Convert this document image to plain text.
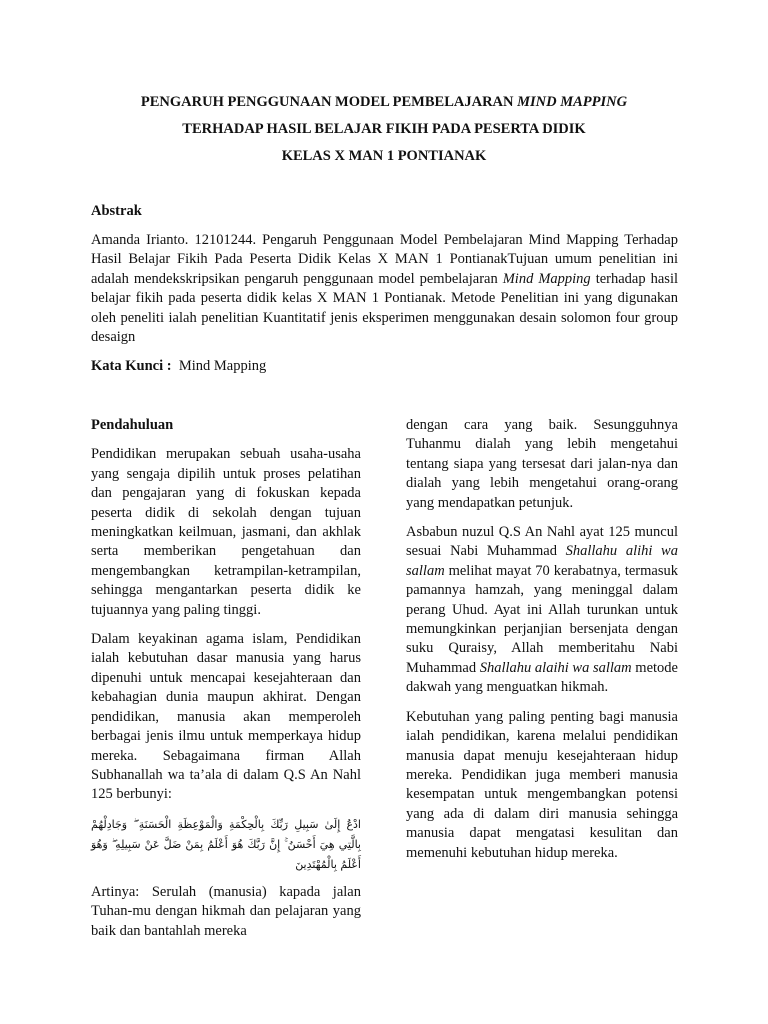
PENGARUH PENGGUNAAN MODEL PEMBELAJARAN MIND MAPPING
TERHADAP HASIL BELAJAR FIKIH PADA PESERTA DIDIK
KELAS X MAN 1 PONTIANAK
Abstrak
Amanda Irianto. 12101244. Pengaruh Penggunaan Model Pembelajaran Mind Mapping Terhadap Hasil Belajar Fikih Pada Peserta Didik Kelas X MAN 1 PontianakTujuan umum penelitian ini adalah mendekskripsikan pengaruh penggunaan model pembelajaran Mind Mapping terhadap hasil belajar fikih pada peserta didik kelas X MAN 1 Pontianak. Metode Penelitian ini yang digunakan oleh peneliti ialah penelitian Kuantitatif jenis eksperimen menggunakan desain solomon four group desaign
Kata Kunci : Mind Mapping
Pendahuluan

Pendidikan merupakan sebuah usaha-usaha yang sengaja dipilih untuk proses pelatihan dan pengajaran yang di fokuskan kepada peserta didik di sekolah dengan tujuan meningkatkan keilmuan, jasmani, dan akhlak serta memberikan pengetahuan dan mengembangkan ketrampilan-ketrampilan, sehingga mengantarkan peserta didik ke tujuannya yang paling tinggi.

Dalam keyakinan agama islam, Pendidikan ialah kebutuhan dasar manusia yang harus dipenuhi untuk mencapai kesejahteraan dan kebahagian dunia maupun akhirat. Dengan pendidikan, manusia akan memperoleh berbagai jenis ilmu untuk memperkaya hidup mereka. Sebagaimana firman Allah Subhanallah wa ta’ala di dalam Q.S An Nahl 125 berbunyi:

ادْعُ إِلَىٰ سَبِيلِ رَبِّكَ بِالْحِكْمَةِ وَالْمَوْعِظَةِ الْحَسَنَةِ ۖ وَجَادِلْهُمْ بِالَّتِي هِيَ أَحْسَنُ ۚ إِنَّ رَبَّكَ هُوَ أَعْلَمُ بِمَنْ ضَلَّ عَنْ سَبِيلِهِ ۖ وَهُوَ أَعْلَمُ بِالْمُهْتَدِينَ

Artinya: Serulah (manusia) kapada jalan Tuhan-mu dengan hikmah dan pelajaran yang baik dan bantahlah mereka

dengan cara yang baik. Sesungguhnya Tuhanmu dialah yang lebih mengetahui tentang siapa yang tersesat dari jalan-nya dan dialah yang lebih mengetahui orang-orang yang mendapatkan petunjuk.

Asbabun nuzul Q.S An Nahl ayat 125 muncul sesuai Nabi Muhammad Shallahu alihi wa sallam melihat mayat 70 kerabatnya, termasuk pamannya hamzah, yang meninggal dalam perang Uhud. Ayat ini Allah turunkan untuk memungkinkan perjanjian bersenjata dengan suku Quraisy, Allah memberitahu Nabi Muhammad Shallahu alaihi wa sallam metode dakwah yang menguatkan hikmah.

Kebutuhan yang paling penting bagi manusia ialah pendidikan, karena melalui pendidikan manusia dapat menuju kesejahteraan hidup mereka. Pendidikan juga memberi manusia kesempatan untuk mengembangkan potensi yang ada di dalam diri manusia sehingga manusia dapat mengatasi kesulitan dan memenuhi kebutuhan hidup mereka.
